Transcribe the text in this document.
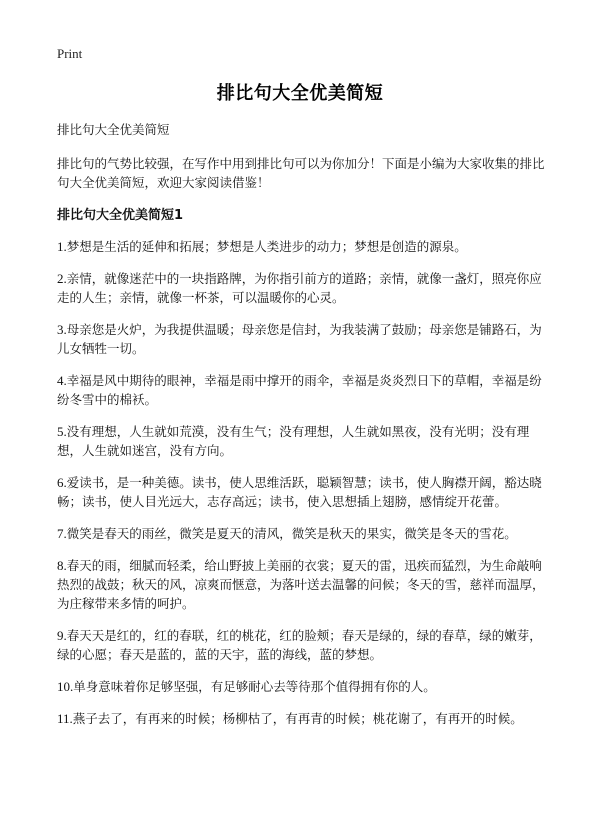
Print
排比句大全优美简短

排比句大全优美简短

排比句的气势比较强，在写作中用到排比句可以为你加分！下面是小编为大家收集的排比句大全优美简短，欢迎大家阅读借鉴！

排比句大全优美简短1

1.梦想是生活的延伸和拓展；梦想是人类进步的动力；梦想是创造的源泉。

2.亲情，就像迷茫中的一块指路牌，为你指引前方的道路；亲情，就像一盏灯，照亮你应走的人生；亲情，就像一杯茶，可以温暖你的心灵。

3.母亲您是火炉，为我提供温暖；母亲您是信封，为我装满了鼓励；母亲您是铺路石，为儿女牺牲一切。

4.幸福是风中期待的眼神，幸福是雨中撑开的雨伞，幸福是炎炎烈日下的草帽，幸福是纷纷冬雪中的棉袄。

5.没有理想，人生就如荒漠，没有生气；没有理想，人生就如黑夜，没有光明；没有理想，人生就如迷宫，没有方向。

6.爱读书，是一种美德。读书，使人思维活跃，聪颖智慧；读书，使人胸襟开阔，豁达晓畅；读书，使人目光远大，志存高远；读书，使入思想插上翅膀，感情绽开花蕾。

7.微笑是春天的雨丝，微笑是夏天的清风，微笑是秋天的果实，微笑是冬天的雪花。

8.春天的雨，细腻而轻柔，给山野披上美丽的衣裳；夏天的雷，迅疾而猛烈，为生命敲响热烈的战鼓；秋天的风，凉爽而惬意，为落叶送去温馨的问候；冬天的雪，慈祥而温厚，为庄稼带来多情的呵护。

9.春天天是红的，红的春联，红的桃花，红的脸颊；春天是绿的，绿的春草，绿的嫩芽，绿的心愿；春天是蓝的，蓝的天宇，蓝的海线，蓝的梦想。

10.单身意味着你足够坚强，有足够耐心去等待那个值得拥有你的人。

11.燕子去了，有再来的时候；杨柳枯了，有再青的时候；桃花谢了，有再开的时候。
